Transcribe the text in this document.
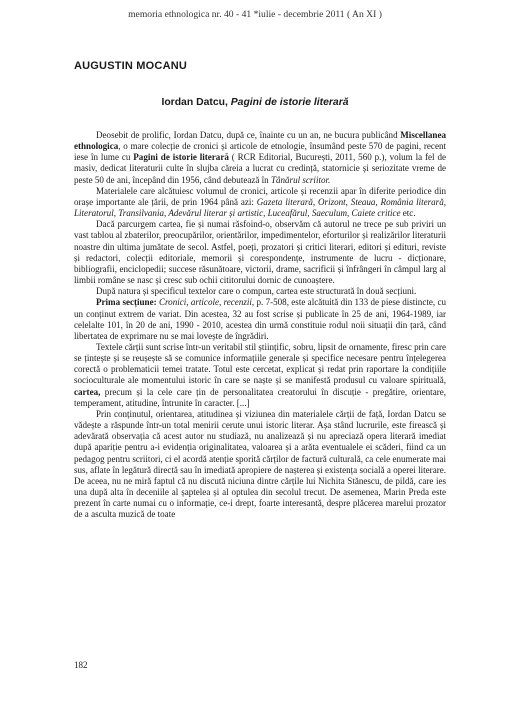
memoria ethnologica nr. 40 - 41 *iulie - decembrie 2011 ( An XI )
AUGUSTIN MOCANU
Iordan Datcu, Pagini de istorie literară

Deosebit de prolific, Iordan Datcu, după ce, înainte cu un an, ne bucura publicând Miscellanea ethnologica, o mare colecție de cronici și articole de etnologie, însumând peste 570 de pagini, recent iese în lume cu Pagini de istorie literară ( RCR Editorial, București, 2011, 560 p.), volum la fel de masiv, dedicat literaturii culte în slujba căreia a lucrat cu credință, statornicie și seriozitate vreme de peste 50 de ani, începând din 1956, când debutează în Tânărul scriitor.

Materialele care alcătuiesc volumul de cronici, articole și recenzii apar în diferite periodice din orașe importante ale țării, de prin 1964 până azi: Gazeta literară, Orizont, Steaua, România literară, Literatorul, Transilvania, Adevărul literar și artistic, Luceafărul, Saeculum, Caiete critice etc.

Dacă parcurgem cartea, fie și numai răsfoind-o, observăm că autorul ne trece pe sub priviri un vast tablou al zbaterilor, preocupărilor, orientărilor, impedimentelor, eforturilor și realizărilor literaturii noastre din ultima jumătate de secol. Astfel, poeți, prozatori și critici literari, editori și edituri, reviste și redactori, colecții editoriale, memorii și corespondențe, instrumente de lucru - dicționare, bibliografii, enciclopedii; succese răsunătoare, victorii, drame, sacrificii și înfrângeri în câmpul larg al limbii române se nasc și cresc sub ochii cititorului dornic de cunoaștere.

După natura și specificul textelor care o compun, cartea este structurată în două secțiuni.

Prima secțiune: Cronici, articole, recenzii, p. 7-508, este alcătuită din 133 de piese distincte, cu un conținut extrem de variat. Din acestea, 32 au fost scrise și publicate în 25 de ani, 1964-1989, iar celelalte 101, în 20 de ani, 1990 - 2010, acestea din urmă constituie rodul noii situații din țară, când libertatea de exprimare nu se mai lovește de îngrădiri.

Textele cărții sunt scrise într-un veritabil stil științific, sobru, lipsit de ornamente, firesc prin care se țintește și se reușește să se comunice informațiile generale și specifice necesare pentru înțelegerea corectă o problematicii temei tratate. Totul este cercetat, explicat și redat prin raportare la condițiile socioculturale ale momentului istoric în care se naște și se manifestă produsul cu valoare spirituală, cartea, precum și la cele care țin de personalitatea creatorului în discuție - pregătire, orientare, temperament, atitudine, întrunite în caracter. [...]

Prin conținutul, orientarea, atitudinea și viziunea din materialele cărții de față, Iordan Datcu se vădește a răspunde într-un total menirii cerute unui istoric literar. Așa stând lucrurile, este firească și adevărată observația că acest autor nu studiază, nu analizează și nu apreciază opera literară imediat după apariție pentru a-i evidenția originalitatea, valoarea și a arăta eventualele ei scăderi, fiind ca un pedagog pentru scriitori, ci el acordă atenție sporită cărților de factură culturală, ca cele enumerate mai sus, aflate în legătură directă sau în imediată apropiere de nașterea și existența socială a operei literare. De aceea, nu ne miră faptul că nu discută niciuna dintre cărțile lui Nichita Stănescu, de pildă, care ies una după alta în deceniile al șaptelea și al optulea din secolul trecut. De asemenea, Marin Preda este prezent în carte numai cu o informație, ce-i drept, foarte interesantă, despre plăcerea marelui prozator de a asculta muzică de toate

182
